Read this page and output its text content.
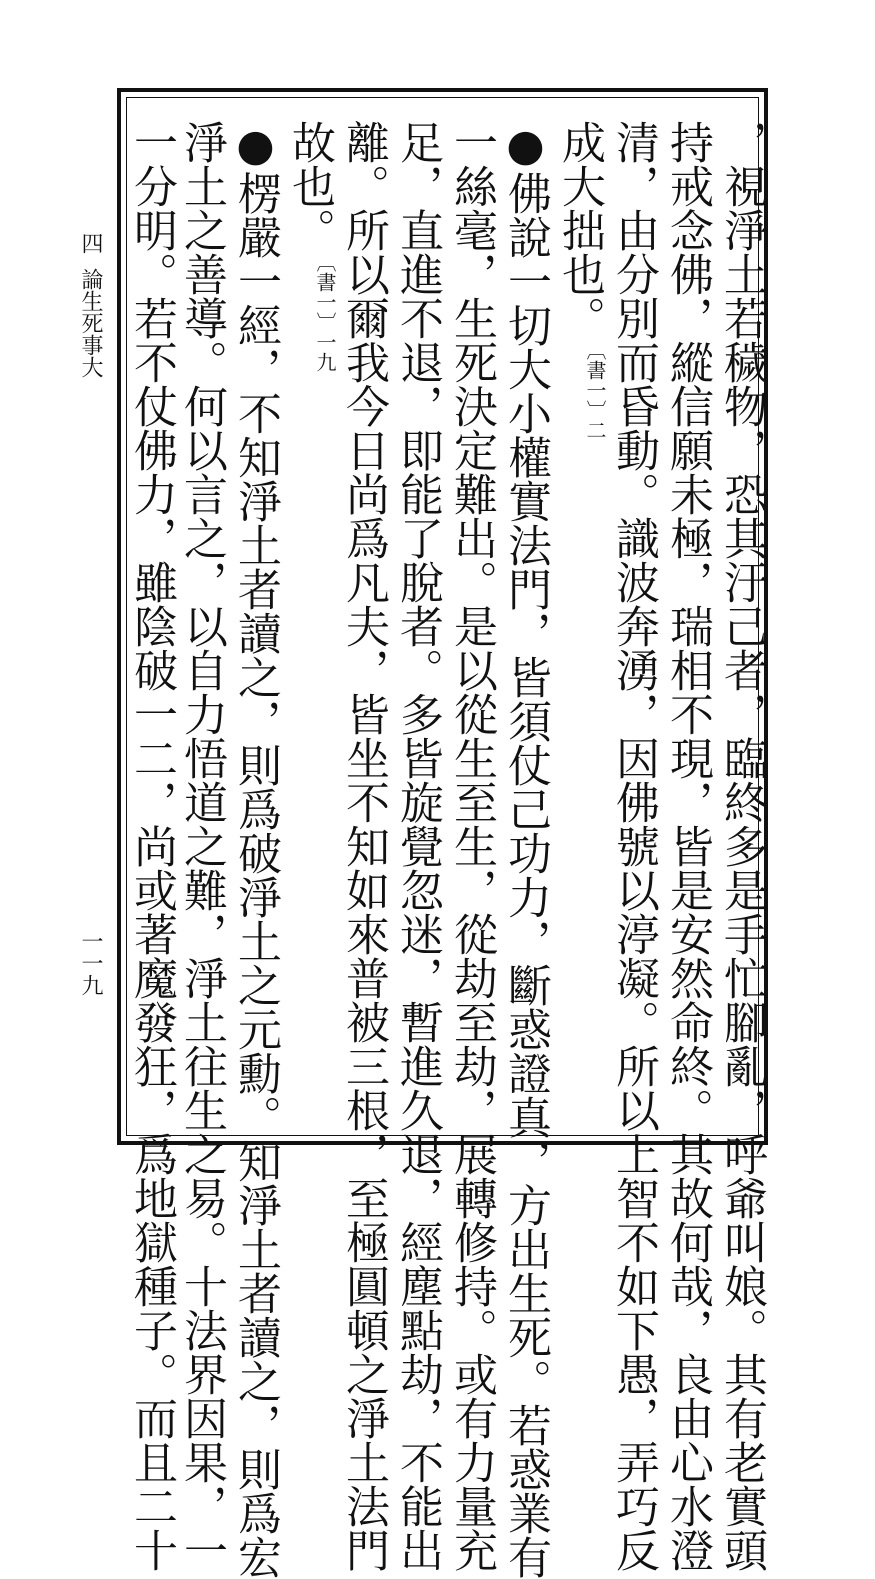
四
論生死事大
一一九	，視淨土若穢物，恐其汙己者，臨終多是手忙腳亂，呼爺叫娘。其有老實頭
持戒念佛，縱信願未極，瑞相不現，皆是安然命終。其故何哉，良由心水澄
清，由分別而昏動。識波奔湧，因佛號以渟凝。所以上智不如下愚，弄巧反
成大拙也。〔書一〕二
●佛說一切大小權實法門，皆須仗己功力，斷惑證真，方出生死。若惑業有
一絲毫，生死決定難出。是以從生至生，從劫至劫，展轉修持。或有力量充
足，直進不退，即能了脫者。多皆旋覺忽迷，暫進久退，經塵點劫，不能出
離。所以爾我今日尚爲凡夫，皆坐不知如來普被三根，至極圓頓之淨土法門
故也。〔書一〕一九
●楞嚴一經，不知淨土者讀之，則爲破淨土之元勳。知淨土者讀之，則爲宏
淨土之善導。何以言之，以自力悟道之難，淨土往生之易。十法界因果，一
一分明。若不仗佛力，雖陰破一二，尚或著魔發狂，爲地獄種子。而且二十
